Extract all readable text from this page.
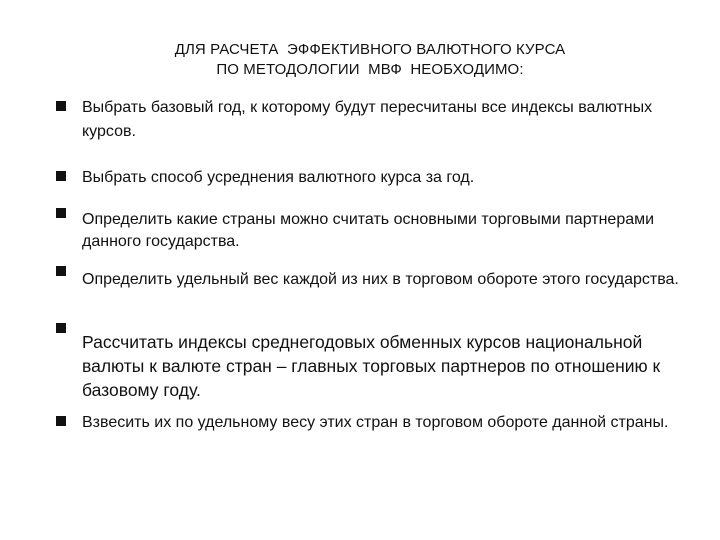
ДЛЯ РАСЧЕТА  ЭФФЕКТИВНОГО ВАЛЮТНОГО КУРСА
ПО МЕТОДОЛОГИИ  МВФ  НЕОБХОДИМО:
Выбрать базовый год, к которому будут пересчитаны все индексы валютных курсов.
Выбрать способ усреднения валютного курса за год.
Определить какие страны можно считать основными торговыми партнерами данного государства.
Определить удельный вес каждой из них в торговом обороте этого государства.
Рассчитать индексы среднегодовых обменных курсов национальной валюты к валюте стран – главных торговых партнеров по отношению к базовому году.
Взвесить их по удельному весу этих стран в торговом обороте данной страны.
